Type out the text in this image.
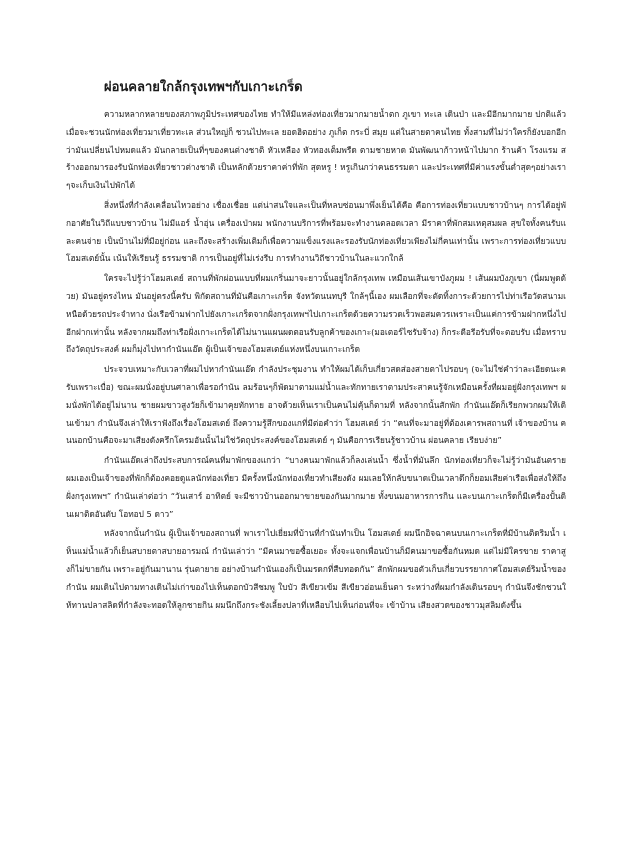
ผ่อนคลายใกล้กรุงเทพฯกับเกาะเกร็ด

ความหลากหลายของสภาพภูมิประเทศของไทย ทำให้มีแหล่งท่องเที่ยวมากมายน้ำตก ภูเขา ทะเล เดินป่า และมีอีกมากมาย ปกติแล้วเมื่อจะชวนนักท่องเที่ยวมาเที่ยวทะเล ส่วนใหญ่ก็ ชวนไปทะเล ยอดฮิตอย่าง ภูเก็ต กระบี่ สมุย แต่ในสายตาคนไทย ทั้งสามที่ไม่ว่าใครก็ยังบอกอีกว่ามันเปลี่ยนไปหมดแล้ว มันกลายเป็นที่ๆของคนต่างชาติ หัวเหลือง หัวทองเต็มพรืด ตามชายหาด มันพัฒนาก้าวหน้าไปมาก ร้านค้า โรงแรม สร้างออกมารองรับนักท่องเที่ยวชาวต่างชาติ เป็นหลักด้วยราคาค่าที่พัก สุดหรู ! หรูเกินกว่าคนธรรมดา และประเทศที่มีค่าแรงขั้นต่ำสุดๆอย่างเราๆจะเก็บเงินไปพักได้

สิ่งหนึ่งที่กำลังเคลื่อนไหวอย่าง เชื่องเชื่อย แต่น่าสนใจและเป็นที่หลบซ่อนมาพึ่งเย็นได้คือ คือการท่องเที่ยวแบบชาวบ้านๆ การได้อยู่พักอาศัยในวิถีแบบชาวบ้าน ไม่มีแอร์ น้ำอุ่น เครื่องเป่าผม พนักงานบริการที่พร้อมจะทำงานตลอดเวลา มีราคาที่พักสมเหตุสมผล สุขใจทั้งคนรับและคนจ่าย เป็นบ้านไม่ที่มีอยู่ก่อน และถึงจะสร้างเพิ่มเติมก็เพื่อความแข็งแรงและรองรับนักท่องเที่ยวเพียงไม่กี่คนเท่านั้น เพราะการท่องเที่ยวแบบโฮมสเตย์นั้น เน้นให้เรียนรู้ ธรรมชาติ การเป็นอยู่ที่ไม่เร่งรีบ การทำงานวิถีชาวบ้านในละแวกใกล้

ใครจะไปรู้ว่าโฮมสเตย์ สถานที่พักผ่อนแบบที่ผมเกริ่นมาจะยาวนั้นอยู่ใกล้กรุงเทพ เหมือนเส้นเขาบังภูผม ! เส้นผมบังภูเขา (นี่ผมพูดด้วย) มันอยู่ตรงไหน มันอยู่ตรงนี้ครับ พิกัดสถานที่มันคือเกาะเกร็ด จังหวัดนนทบุรี ใกล้ๆนี้เอง ผมเลือกที่จะตัดทิ้งการะด้วยการไปท่าเรือวัดสนามเหนือด้วยรถประจำทาง นั่งเรือข้ามฟากไปยังเกาะเกร็ดจากฝั่งกรุงเทพฯไปเกาะเกร็ดด้วยความรวดเร็วพอสมควรเพราะเป็นแค่การข้ามฝากหนึ่งไปอีกฝากเท่านั้น หลังจากผมถึงท่าเรือฝั่งเกาะเกร็ดได้ไม่นานแผนผดตอนรับลูกค้าของเกาะ(มอเตอร์ไซรับจ้าง) ก็กระดีอรีอรับที่จะตอบรับ เมื่อทราบถึงวัตถุประสงค์ ผมก็มุ่งไปหากำนันแอ๊ด ผู้เป็นเจ้าของโฮมสเตย์แห่งหนึ่งบนเกาะเกร็ด

ประจวบเหมาะกับเวลาที่ผมไปหากำนันแอ๊ด กำลังประชุมงาน ทำให้ผมได้เก็บเกี่ยวสดส่องสายตาไปรอบๆ (จะไม่ใช่คำว่าละเอียดนะครับเพราะเบื่อ) ขณะผมนั่งอยู่บนศาลาเพื่อรอกำนัน ลมร้อนๆก็พัดมาตามแม่น้ำและทักทายเราตามประสาคนรู้จักเหมือนครั้งที่ผมอยู่ฝั่งกรุงเทพฯ ผมนั่งพักได้อยู่ไม่นาน ชายผมขาวสูงวัยก็เข้ามาคุยทักทาย อาจด้วยเห็นเราเป็นคนไม่คุ้นก็ตามที่ หลังจากนั้นสักพัก กำนันแอ๊ดก็เรียกพวกผมให้เดินเข้ามา กำนันจึงเล่าให้เราฟังถึงเรื่องโฮมสเตย์ ถึงความรู้สึกของแกที่มีต่อคำว่า โฮมสเตย์ ว่า “คนที่จะมาอยู่ที่ต้องเคารพสถานที่ เจ้าของบ้าน คนนอกบ้านคือจะมาเสียงดังครึกโครมอันนั้นไม่ใช่วัตถุประสงค์ของโฮมสเตย์ ๆ มันคือการเรียนรู้ชาวบ้าน ผ่อนคลาย เรียบง่าย”

กำนันแอ๊ดเล่าถึงประสบการณ์คนที่มาพักของแกว่า “บางคนมาพักแล้วก็ลงเล่นน้ำ ซึ่งน้ำที่มันลึก นักท่องเที่ยวก็จะไม่รู้ว่ามันอันตราย ผมเองเป็นเจ้าของที่พักก็ต้องคอยดูแลนักท่องเที่ยว มีครั้งหนึ่งนักท่องเที่ยวทำเสียงดัง ผมเลยให้กลับขนาดเป็นเวลาดึกก็ยอมเสียค่าเรือเพื่อส่งให้ถึงฝั่งกรุงเทพฯ” กำนันเล่าต่อว่า “วันเสาร์ อาทิตย์ จะมีชาวบ้านออกมาขายของกันมากมาย ทั้งขนมอาหารการกิน และบนเกาะเกร็ดก็มีเครื่องปั้นดินเผาติดอันดับ โอทอป 5 ดาว”

หลังจากนั้นกำนัน ผู้เป็นเจ้าของสถานที่ พาเราไปเยี่ยมที่บ้านที่กำนันทำเป็น โฮมสเตย์ ผมนึกอิจฉาคนบนเกาะเกร็ดที่มีบ้านติดริมน้ำ เห็นแม่น้ำแล้วก็เย็นสบายตาสบายอารมณ์ กำนันเล่าว่า “มีคนมาขอซื้อเยอะ ทั้งจะแจกเพื่อนบ้านก็มีคนมาขอซื้อกันหมด แต่ไม่มีใครขาย ราคาสูงก็ไม่ขายกัน เพราะอยู่กันมานาน รุ่นตายาย อย่างบ้านกำนันเองก็เป็นมรดกที่สืบทอดกัน” สักพักผมขอตัวเก็บเกี่ยวบรรยากาศโฮมสเตย์ริมน้ำของกำนัน ผมเดินไปตามทางเดินไม่เก่าของไปเห็นดอกบัวสีชมพู ใบบัว สีเขียวเข้ม สีเขียวอ่อนเย็นตา ระหว่างที่ผมกำลังเดินรอบๆ กำนันจึงชักชวนให้ทานปลาสลิดที่กำลังจะทอดให้ลูกชายกิน ผมนึกถึงกระชังเลี้ยงปลาที่เหลือบไปเห็นก่อนที่จะ เข้าบ้าน เสียงสวดของชาวมุสลิมดังขึ้น
